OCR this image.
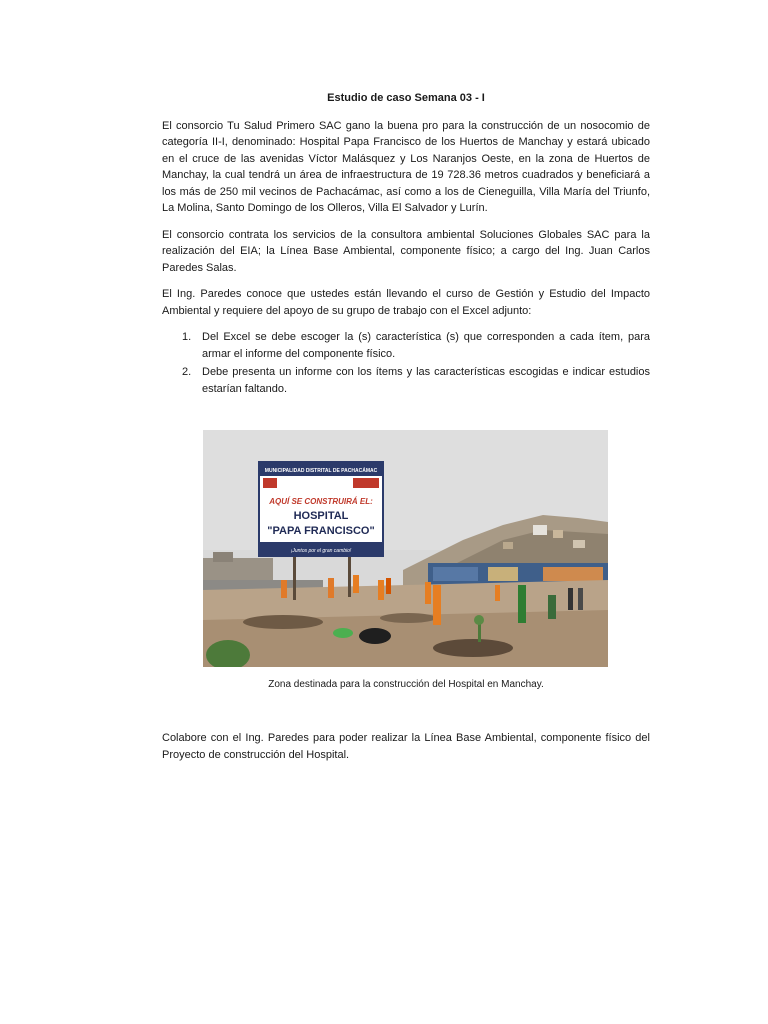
Estudio de caso Semana 03 - I

El consorcio Tu Salud Primero SAC gano la buena pro para la construcción de un nosocomio de categoría II-I, denominado: Hospital Papa Francisco de los Huertos de Manchay y estará ubicado en el cruce de las avenidas Víctor Malásquez y Los Naranjos Oeste, en la zona de Huertos de Manchay, la cual tendrá un área de infraestructura de 19 728.36 metros cuadrados y beneficiará a los más de 250 mil vecinos de Pachacámac, así como a los de Cieneguilla, Villa María del Triunfo, La Molina, Santo Domingo de los Olleros, Villa El Salvador y Lurín.

El consorcio contrata los servicios de la consultora ambiental Soluciones Globales SAC para la realización del EIA; la Línea Base Ambiental, componente físico; a cargo del Ing. Juan Carlos Paredes Salas.

El Ing. Paredes conoce que ustedes están llevando el curso de Gestión y Estudio del Impacto Ambiental y requiere del apoyo de su grupo de trabajo con el Excel adjunto:

1. Del Excel se debe escoger la (s) característica (s) que corresponden a cada ítem, para armar el informe del componente físico.
2. Debe presenta un informe con los ítems y las características escogidas e indicar estudios estarían faltando.
MUNICIPALIDAD DISTRITAL DE PACHACÁMAC
AQUÍ SE CONSTRUIRÁ EL:
HOSPITAL
"PAPA FRANCISCO"
¡Juntos por el gran cambio!
Zona destinada para la construcción del Hospital en Manchay.
Colabore con el Ing. Paredes para poder realizar la Línea Base Ambiental, componente físico del Proyecto de construcción del Hospital.
